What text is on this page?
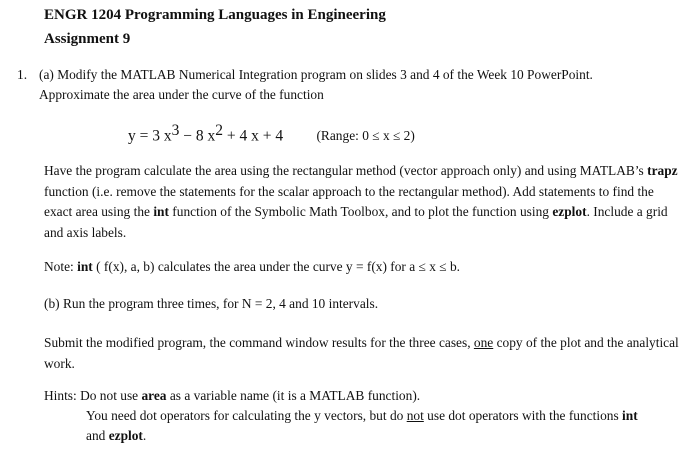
ENGR 1204 Programming Languages in Engineering
Assignment 9
1. (a) Modify the MATLAB Numerical Integration program on slides 3 and 4 of the Week 10 PowerPoint.
Approximate the area under the curve of the function
y = 3 $x^3 - 8$ $x^2 + 4$ x + 4 (Range: 0 ≤ x ≤ 2)
Have the program calculate the area using the rectangular method (vector approach only) and using MATLAB’s trapz function (i.e. remove the statements for the scalar approach to the rectangular method). Add statements to find the exact area using the int function of the Symbolic Math Toolbox, and to plot the function using ezplot. Include a grid and axis labels.
Note: int ( f(x), a, b) calculates the area under the curve y = f(x) for a ≤ x ≤ b.
(b) Run the program three times, for N = 2, 4 and 10 intervals.
Submit the modified program, the command window results for the three cases, one copy of the plot and the analytical work.
Hints: Do not use area as a variable name (it is a MATLAB function).
You need dot operators for calculating the y vectors, but do not use dot operators with the functions int
and ezplot.
